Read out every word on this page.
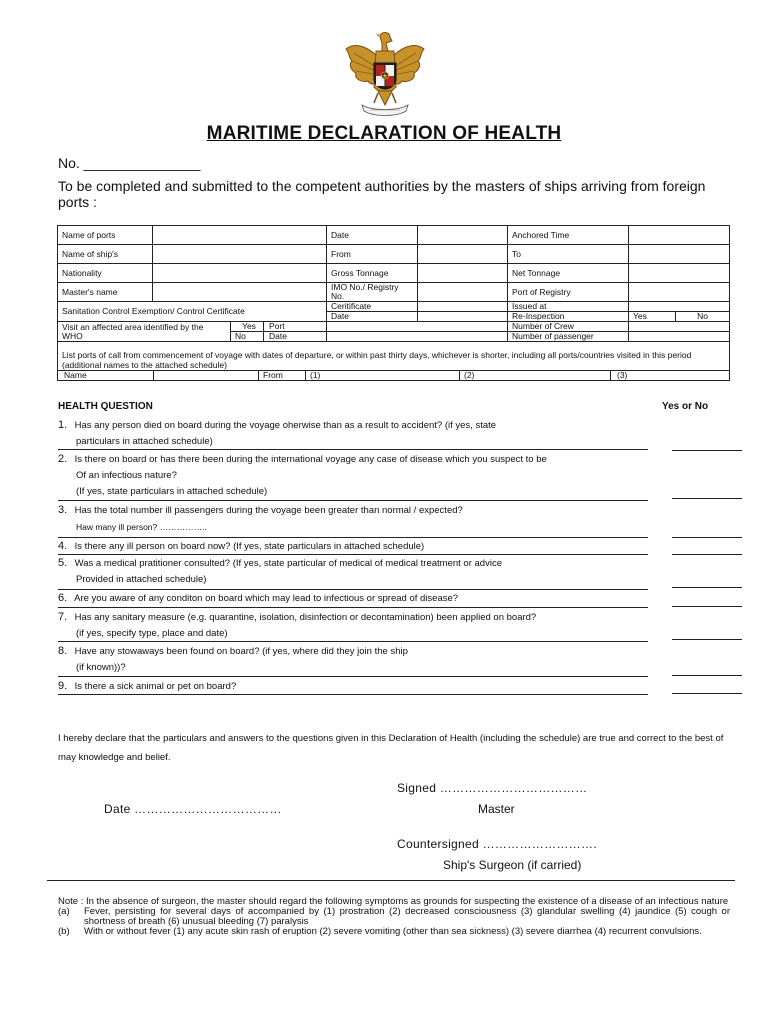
MARITIME DECLARATION OF HEALTH
No. _______________
To be completed and submitted to the competent authorities by the masters of ships arriving from foreign ports :
Name of ports			Date		Anchored Time		
Name of ship's			From		To		
Nationality			Gross Tonnage		Net Tonnage		
Master's name			IMO No./ Registry No.		Port of Registry		
Sanitation Control Exemption/ Control Certificate			Ceritificate		Issued at		
			Date		Re-Inspection	Yes	No
Visit an affected area identified by the WHO		Yes Port			Number of Crew		
		No Date			Number of passenger		
List ports of call from commencement of voyage with dates of departure, or within past thirty days, whichever is shorter, including all ports/countries visited in this period (additional names to the attached schedule)							

Name From (1) (2) (3)							
HEALTH QUESTION	Yes or No
1. Has any person died on board during the voyage oherwise than as a result to accident? (if yes, state
particulars in attached schedule)
2. Is there on board or has there been during the international voyage any case of disease which you suspect to be
Of an infectious nature?
(If yes, state particulars in attached schedule)
3. Has the total number ill passengers during the voyage been greater than normal / expected?
Haw many ill person? ……………..
4. Is there any ill person on board now? (If yes, state particulars in attached schedule)
5. Was a medical pratitioner consulted? (If yes, state particular of medical of medical treatment or advice
Provided in attached schedule)
6. Are you aware of any conditon on board which may lead to infectious or spread of disease?
7. Has any sanitary measure (e.g. quarantine, isolation, disinfection or decontamination) been applied on board?
(if yes, specify type, place and date)
8. Have any stowaways been found on board? (if yes, where did they join the ship
(if known))?
9. Is there a sick animal or pet on board?
I hereby declare that the particulars and answers to the questions given in this Declaration of Health (including the schedule) are true and correct to the best of may knowledge and belief.
Signed ………………………………
Master
Date ………………………………
Countersigned ……………………….
Ship's Surgeon (if carried)
Note : In the absence of surgeon, the master should regard the following symptoms as grounds for suspecting the existence of a disease of an infectious nature
(a)	Fever, persisting for several days of accompanied by (1) prostration (2) decreased consciousness (3) glandular swelling (4) jaundice (5) cough or shortness of breath (6) unusual bleeding (7) paralysis
(b)	With or without fever (1) any acute skin rash of eruption (2) severe vomiting (other than sea sickness) (3) severe diarrhea (4) recurrent convulsions.
